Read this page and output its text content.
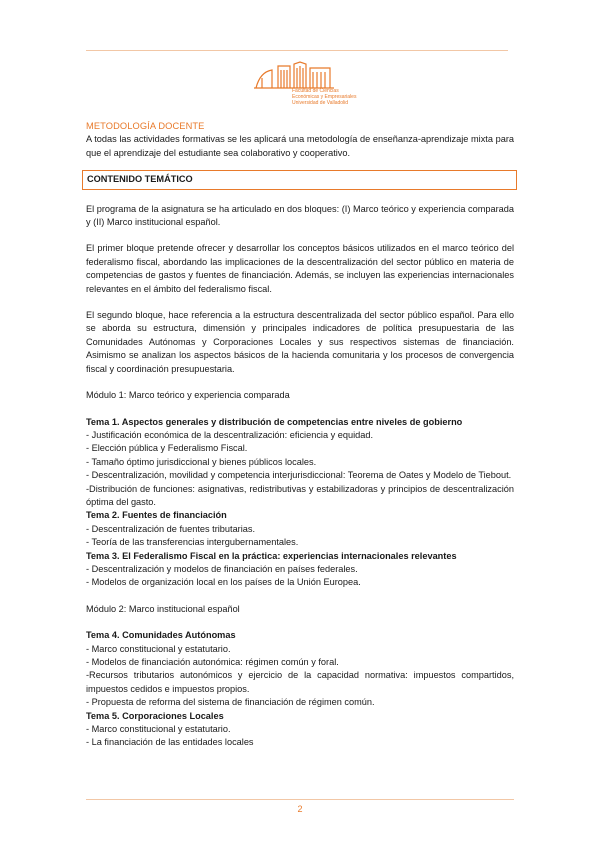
Facultad de Ciencias
Económicas y Empresariales
Universidad de Valladolid
METODOLOGÍA DOCENTE

A todas las actividades formativas se les aplicará una metodología de enseñanza-aprendizaje mixta para que el aprendizaje del estudiante sea colaborativo y cooperativo.

CONTENIDO TEMÁTICO

El programa de la asignatura se ha articulado en dos bloques: (I) Marco teórico y experiencia comparada y (II) Marco institucional español.

El primer bloque pretende ofrecer y desarrollar los conceptos básicos utilizados en el marco teórico del federalismo fiscal, abordando las implicaciones de la descentralización del sector público en materia de competencias de gastos y fuentes de financiación. Además, se incluyen las experiencias internacionales relevantes en el ámbito del federalismo fiscal.

El segundo bloque, hace referencia a la estructura descentralizada del sector público español. Para ello se aborda su estructura, dimensión y principales indicadores de política presupuestaria de las Comunidades Autónomas y Corporaciones Locales y sus respectivos sistemas de financiación. Asimismo se analizan los aspectos básicos de la hacienda comunitaria y los procesos de convergencia fiscal y coordinación presupuestaria.

Módulo 1: Marco teórico y experiencia comparada

Tema 1. Aspectos generales y distribución de competencias entre niveles de gobierno

- Justificación económica de la descentralización: eficiencia y equidad.

- Elección pública y Federalismo Fiscal.

- Tamaño óptimo jurisdiccional y bienes públicos locales.

- Descentralización, movilidad y competencia interjurisdiccional: Teorema de Oates y Modelo de Tiebout.

-Distribución de funciones: asignativas, redistributivas y estabilizadoras y principios de descentralización óptima del gasto.

Tema 2. Fuentes de financiación

- Descentralización de fuentes tributarias.

- Teoría de las transferencias intergubernamentales.

Tema 3. El Federalismo Fiscal en la práctica: experiencias internacionales relevantes

- Descentralización y modelos de financiación en países federales.

- Modelos de organización local en los países de la Unión Europea.

Módulo 2: Marco institucional español

Tema 4. Comunidades Autónomas

- Marco constitucional y estatutario.

- Modelos de financiación autonómica: régimen común y foral.

-Recursos tributarios autonómicos y ejercicio de la capacidad normativa: impuestos compartidos, impuestos cedidos e impuestos propios.

- Propuesta de reforma del sistema de financiación de régimen común.

Tema 5. Corporaciones Locales

- Marco constitucional y estatutario.

- La financiación de las entidades locales

2
